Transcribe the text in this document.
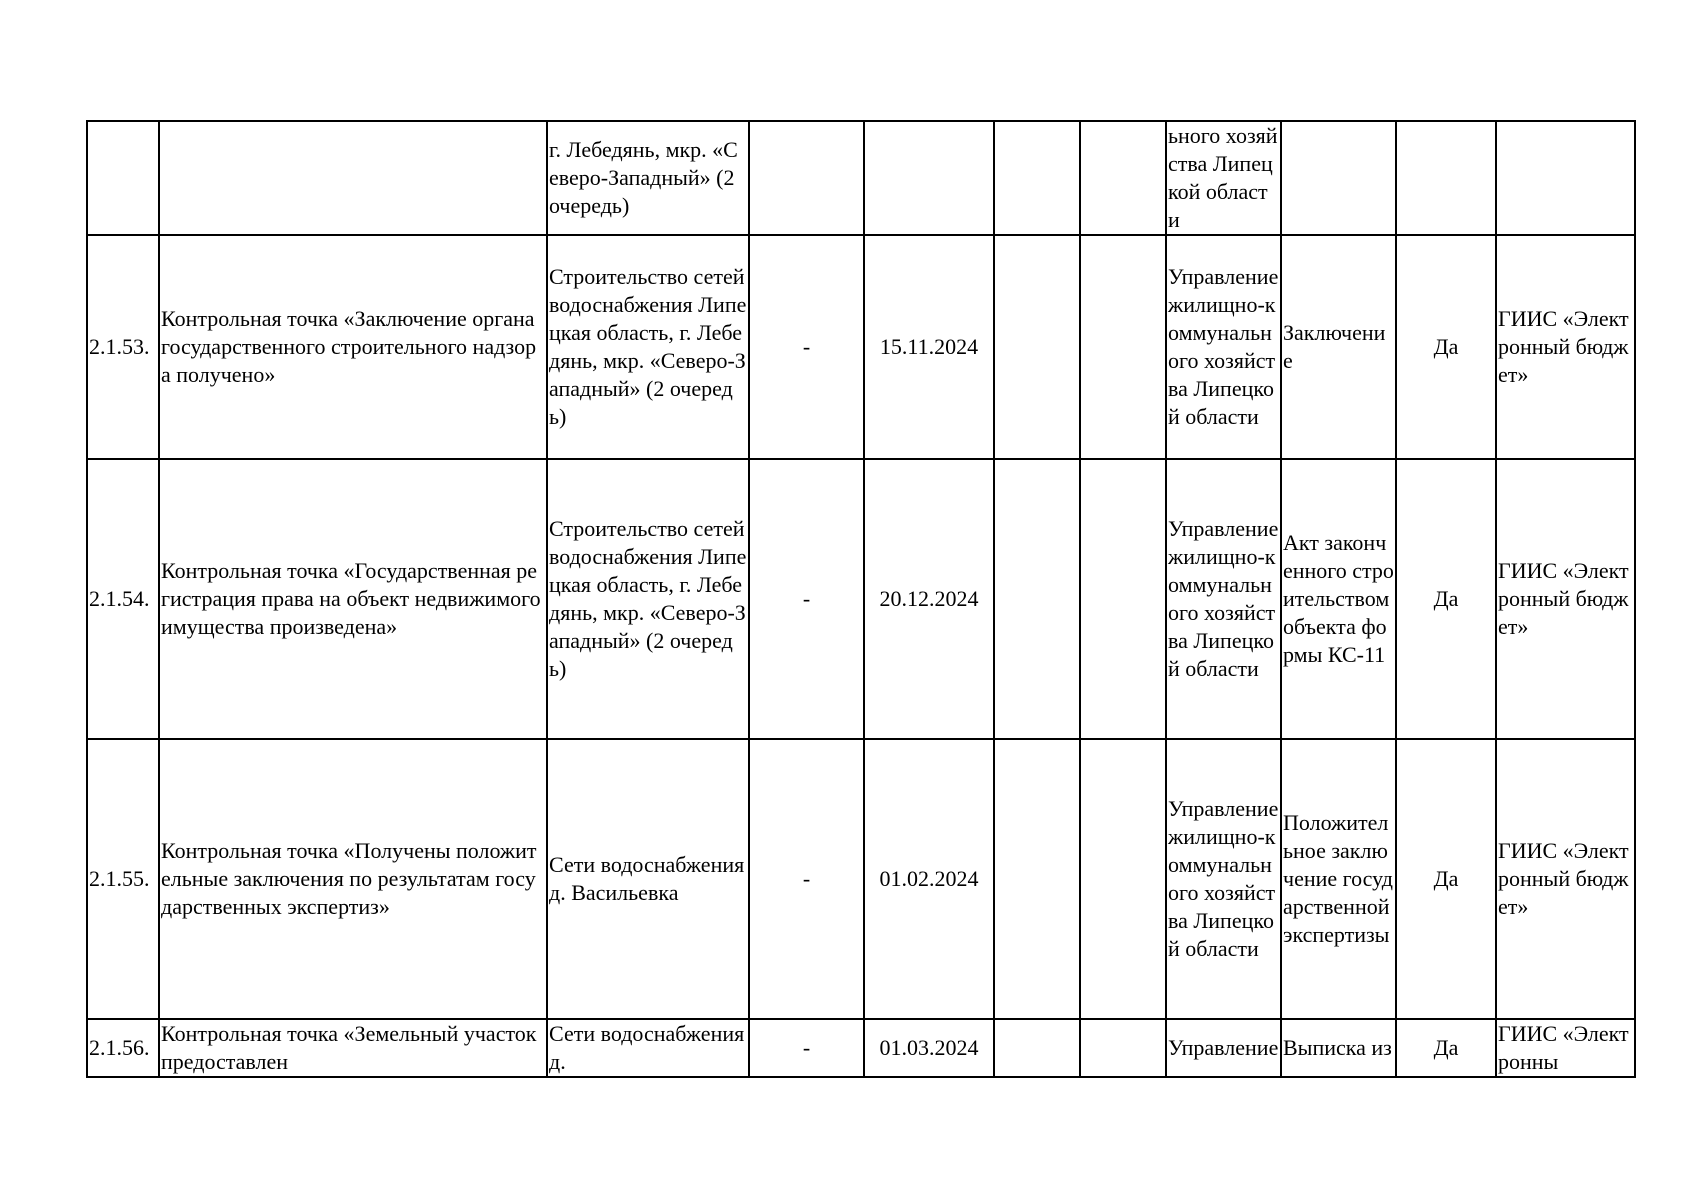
		г. Лебедянь, мкр. «Северо-Западный» (2 очередь)					ьного хозяйства Липецкой области			
2.1.53.	Контрольная точка «Заключение органа государственного строительного надзора получено»	Строительство сетей водоснабжения Липецкая область, г. Лебедянь, мкр. «Северо-Западный» (2 очередь)	-	15.11.2024			Управление жилищно-коммунального хозяйства Липецкой области	Заключение	Да	ГИИС «Электронный бюджет»
2.1.54.	Контрольная точка «Государственная регистрация права на объект недвижимого имущества произведена»	Строительство сетей водоснабжения Липецкая область, г. Лебедянь, мкр. «Северо-Западный» (2 очередь)	-	20.12.2024			Управление жилищно-коммунального хозяйства Липецкой области	Акт законченного строительством объекта формы КС-11	Да	ГИИС «Электронный бюджет»
2.1.55.	Контрольная точка «Получены положительные заключения по результатам государственных экспертиз»	Сети водоснабжения д. Васильевка	-	01.02.2024			Управление жилищно-коммунального хозяйства Липецкой области	Положительное заключение государственной экспертизы	Да	ГИИС «Электронный бюджет»
2.1.56.	Контрольная точка «Земельный участок предоставлен	Сети водоснабжения д.	-	01.03.2024			Управление	Выписка из	Да	ГИИС «Электронны
